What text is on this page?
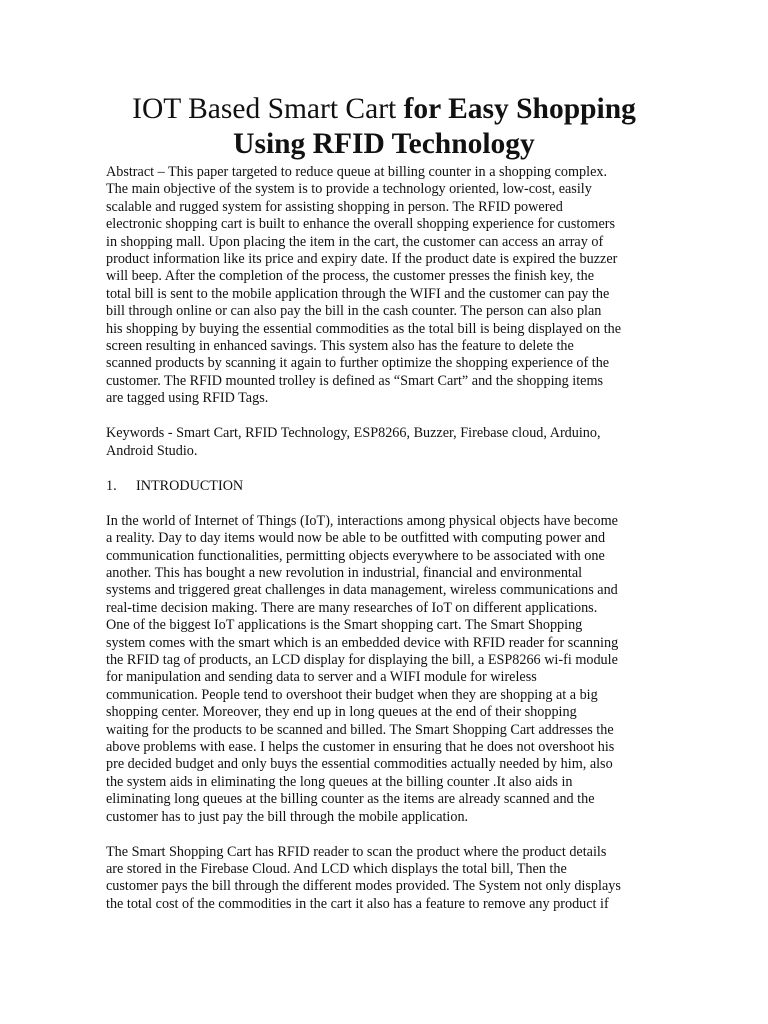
IOT Based Smart Cart for Easy Shopping
Using RFID Technology
Abstract – This paper targeted to reduce queue at billing counter in a shopping complex.
The main objective of the system is to provide a technology oriented, low-cost, easily
scalable and rugged system for assisting shopping in person. The RFID powered
electronic shopping cart is built to enhance the overall shopping experience for customers
in shopping mall. Upon placing the item in the cart, the customer can access an array of
product information like its price and expiry date. If the product date is expired the buzzer
will beep. After the completion of the process, the customer presses the finish key, the
total bill is sent to the mobile application through the WIFI and the customer can pay the
bill through online or can also pay the bill in the cash counter. The person can also plan
his shopping by buying the essential commodities as the total bill is being displayed on the
screen resulting in enhanced savings. This system also has the feature to delete the
scanned products by scanning it again to further optimize the shopping experience of the
customer. The RFID mounted trolley is defined as “Smart Cart” and the shopping items
are tagged using RFID Tags.
Keywords - Smart Cart, RFID Technology, ESP8266, Buzzer, Firebase cloud, Arduino,
Android Studio.
1. INTRODUCTION
In the world of Internet of Things (IoT), interactions among physical objects have become
a reality. Day to day items would now be able to be outfitted with computing power and
communication functionalities, permitting objects everywhere to be associated with one
another. This has bought a new revolution in industrial, financial and environmental
systems and triggered great challenges in data management, wireless communications and
real-time decision making. There are many researches of IoT on different applications.
One of the biggest IoT applications is the Smart shopping cart. The Smart Shopping
system comes with the smart which is an embedded device with RFID reader for scanning
the RFID tag of products, an LCD display for displaying the bill, a ESP8266 wi-fi module
for manipulation and sending data to server and a WIFI module for wireless
communication. People tend to overshoot their budget when they are shopping at a big
shopping center. Moreover, they end up in long queues at the end of their shopping
waiting for the products to be scanned and billed. The Smart Shopping Cart addresses the
above problems with ease. I helps the customer in ensuring that he does not overshoot his
pre decided budget and only buys the essential commodities actually needed by him, also
the system aids in eliminating the long queues at the billing counter .It also aids in
eliminating long queues at the billing counter as the items are already scanned and the
customer has to just pay the bill through the mobile application.
The Smart Shopping Cart has RFID reader to scan the product where the product details
are stored in the Firebase Cloud. And LCD which displays the total bill, Then the
customer pays the bill through the different modes provided. The System not only displays
the total cost of the commodities in the cart it also has a feature to remove any product if
